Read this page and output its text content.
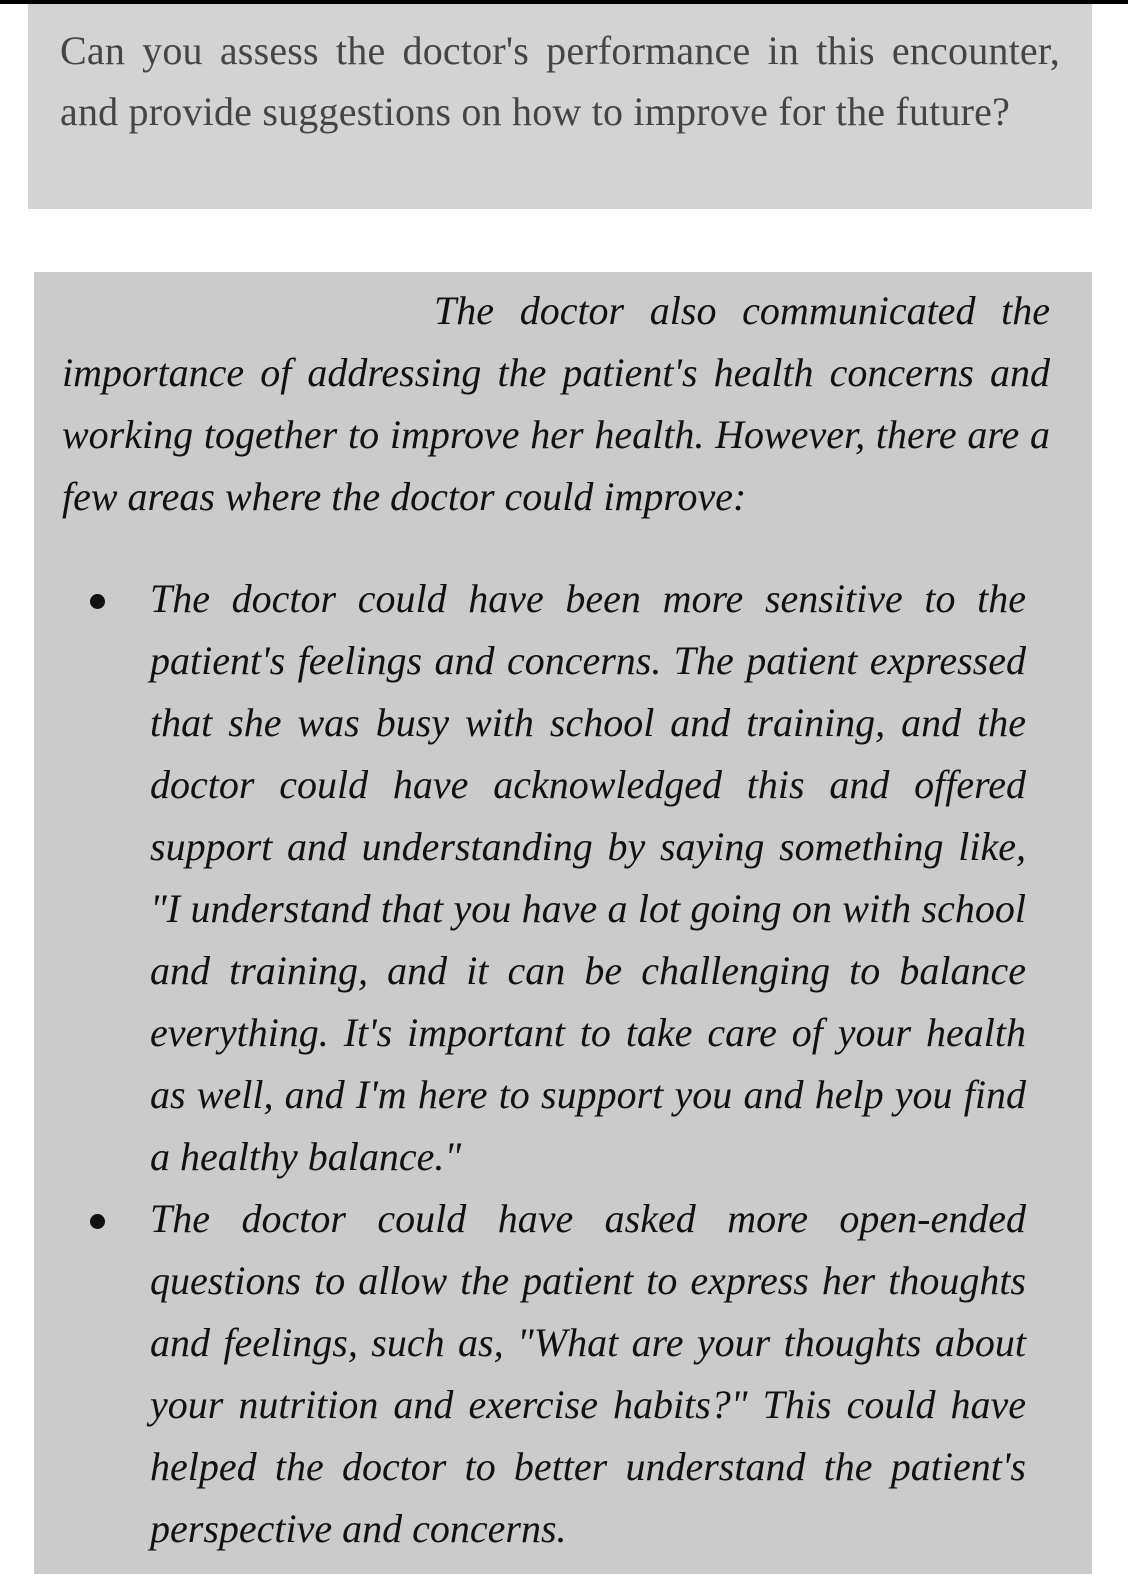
Can you assess the doctor's performance in this encounter, and provide suggestions on how to improve for the future?

The doctor also communicated the importance of addressing the patient's health concerns and working together to improve her health. However, there are a few areas where the doctor could improve:

The doctor could have been more sensitive to the patient's feelings and concerns. The patient expressed that she was busy with school and training, and the doctor could have acknowledged this and offered support and understanding by saying something like, "I understand that you have a lot going on with school and training, and it can be challenging to balance everything. It's important to take care of your health as well, and I'm here to support you and help you find a healthy balance."
The doctor could have asked more open-ended questions to allow the patient to express her thoughts and feelings, such as, "What are your thoughts about your nutrition and exercise habits?" This could have helped the doctor to better understand the patient's perspective and concerns.
